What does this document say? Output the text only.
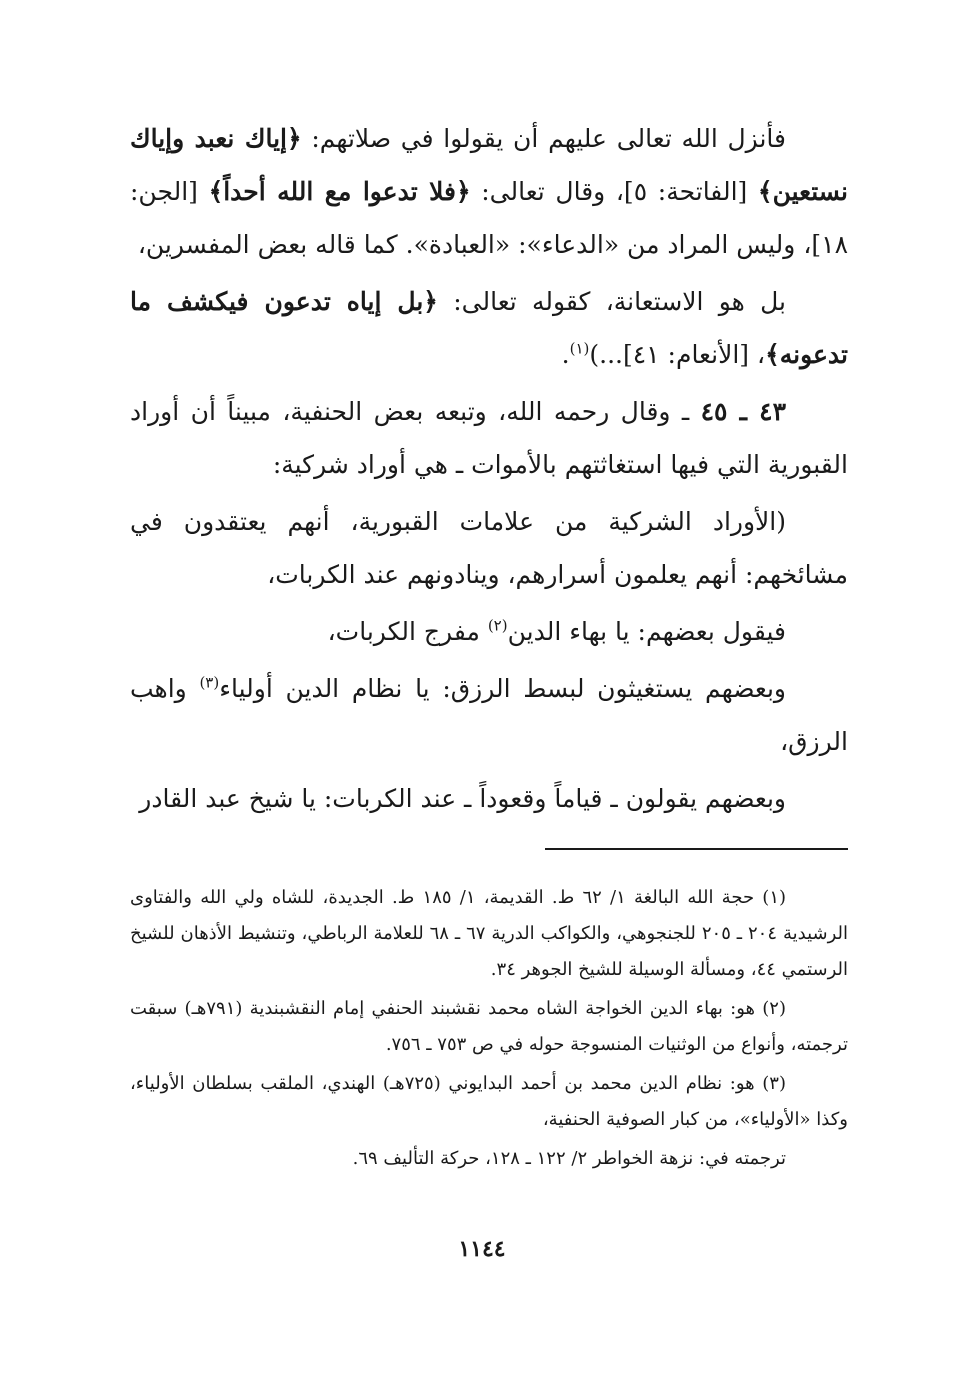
فأنزل الله تعالى عليهم أن يقولوا في صلاتهم: ﴿إياك نعبد وإياك نستعين﴾ [الفاتحة: ٥]، وقال تعالى: ﴿فلا تدعوا مع الله أحداً﴾ [الجن: ١٨]، وليس المراد من «الدعاء»: «العبادة». كما قاله بعض المفسرين،

بل هو الاستعانة، كقوله تعالى: ﴿بل إياه تدعون فيكشف ما تدعونه﴾، [الأنعام: ٤١]...)$^{(١)}$.

٤٣ ـ ٤٥ ـ وقال رحمه الله، وتبعه بعض الحنفية، مبيناً أن أوراد القبورية التي فيها استغاثتهم بالأموات ـ هي أوراد شركية:

(الأوراد الشركية من علامات القبورية، أنهم يعتقدون في مشائخهم: أنهم يعلمون أسرارهم، وينادونهم عند الكربات،

فيقول بعضهم: يا بهاء الدين$^{(٢)}$ مفرج الكربات،

وبعضهم يستغيثون لبسط الرزق: يا نظام الدين أولياء$^{(٣)}$ واهب الرزق،

وبعضهم يقولون ـ قياماً وقعوداً ـ عند الكربات: يا شيخ عبد القادر

(١) حجة الله البالغة ١/ ٦٢ ط. القديمة، ١/ ١٨٥ ط. الجديدة، للشاه ولي الله والفتاوى الرشيدية ٢٠٤ ـ ٢٠٥ للجنجوهي، والكواكب الدرية ٦٧ ـ ٦٨ للعلامة الرباطي، وتنشيط الأذهان للشيخ الرستمي ٤٤، ومسألة الوسيلة للشيخ الجوهر ٣٤.

(٢) هو: بهاء الدين الخواجة الشاه محمد نقشبند الحنفي إمام النقشبندية (٧٩١هـ) سبقت ترجمته، وأنواع من الوثنيات المنسوجة حوله في ص ٧٥٣ ـ ٧٥٦.

(٣) هو: نظام الدين محمد بن أحمد البدايوني (٧٢٥هـ) الهندي، الملقب بسلطان الأولياء، وكذا «الأولياء»، من كبار الصوفية الحنفية،

ترجمته في: نزهة الخواطر ٢/ ١٢٢ ـ ١٢٨، حركة التأليف ٦٩.

١١٤٤
